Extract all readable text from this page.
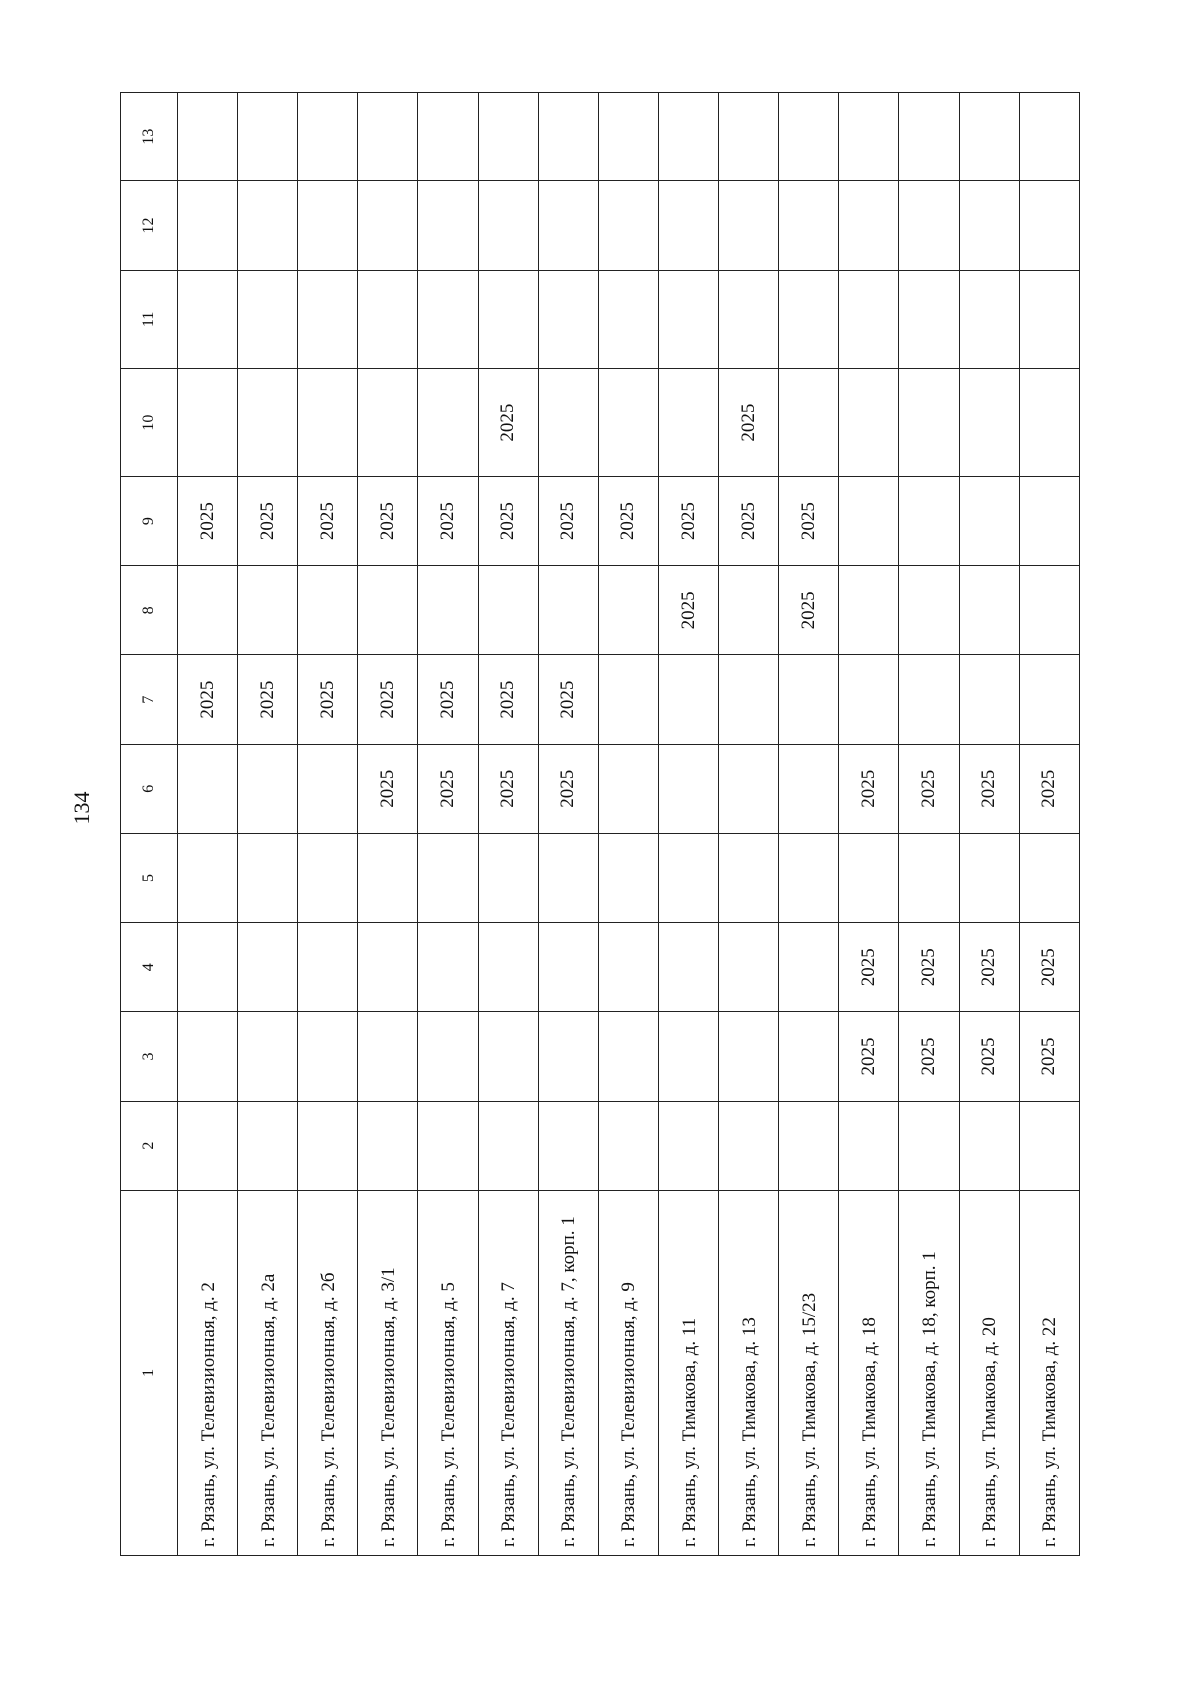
134
1	2	3	4	5	6	7	8	9	10	11	12	13
г. Рязань, ул. Телевизионная, д. 2						2025		2025				
г. Рязань, ул. Телевизионная, д. 2а						2025		2025				
г. Рязань, ул. Телевизионная, д. 2б						2025		2025				
г. Рязань, ул. Телевизионная, д. 3/1					2025	2025		2025				
г. Рязань, ул. Телевизионная, д. 5					2025	2025		2025				
г. Рязань, ул. Телевизионная, д. 7					2025	2025		2025	2025			
г. Рязань, ул. Телевизионная, д. 7, корп. 1					2025	2025		2025				
г. Рязань, ул. Телевизионная, д. 9								2025				
г. Рязань, ул. Тимакова, д. 11							2025	2025				
г. Рязань, ул. Тимакова, д. 13								2025	2025			
г. Рязань, ул. Тимакова, д. 15/23							2025	2025				
г. Рязань, ул. Тимакова, д. 18		2025	2025		2025							
г. Рязань, ул. Тимакова, д. 18, корп. 1		2025	2025		2025							
г. Рязань, ул. Тимакова, д. 20		2025	2025		2025							
г. Рязань, ул. Тимакова, д. 22		2025	2025		2025							
